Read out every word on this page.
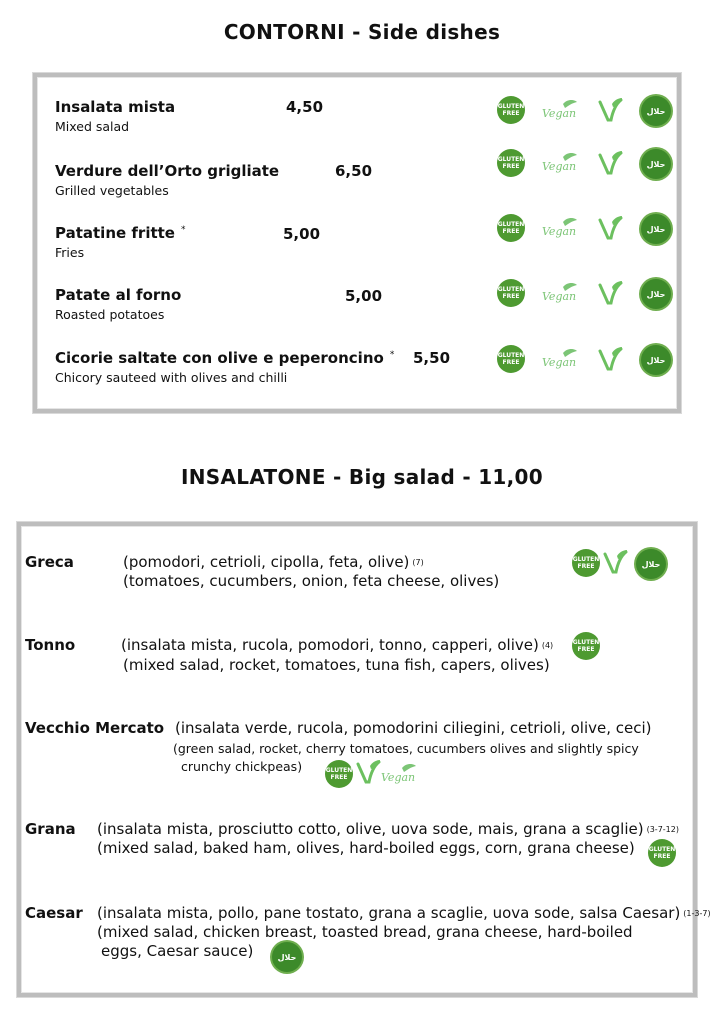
CONTORNI - Side dishes
Insalata mista
Mixed salad
4,50
Verdure dell’Orto grigliate
Grilled vegetables
6,50
Patatine fritte *
Fries
5,00
Patate al forno
Roasted potatoes
5,00
Cicorie saltate con olive e peperoncino *
Chicory sauteed with olives and chilli
5,50
INSALATONE - Big salad - 11,00
Greca	(pomodori, cetrioli, cipolla, feta, olive) (7)
(tomatoes, cucumbers, onion, feta cheese, olives)
Tonno	(insalata mista, rucola, pomodori, tonno, capperi, olive) (4)
(mixed salad, rocket, tomatoes, tuna fish, capers, olives)
Vecchio Mercato (insalata verde, rucola, pomodorini ciliegini, cetrioli, olive, ceci)
(green salad, rocket, cherry tomatoes, cucumbers olives and slightly spicy
crunchy chickpeas)
Grana (insalata mista, prosciutto cotto, olive, uova sode, mais, grana a scaglie) (3-7-12)
(mixed salad, baked ham, olives, hard-boiled eggs, corn, grana cheese)
Caesar (insalata mista, pollo, pane tostato, grana a scaglie, uova sode, salsa Caesar) (1-3-7)
(mixed salad, chicken breast, toasted bread, grana cheese, hard-boiled
eggs, Caesar sauce)
GLUTEN FREE	Vegan	حلال
GLUTEN FREE	Vegan	حلال
GLUTEN FREE	Vegan	حلال
GLUTEN FREE	Vegan	حلال
GLUTEN FREE	Vegan	حلال
GLUTEN FREE	حلال
GLUTEN FREE
GLUTEN FREE	Vegan
GLUTEN FREE
حلال
